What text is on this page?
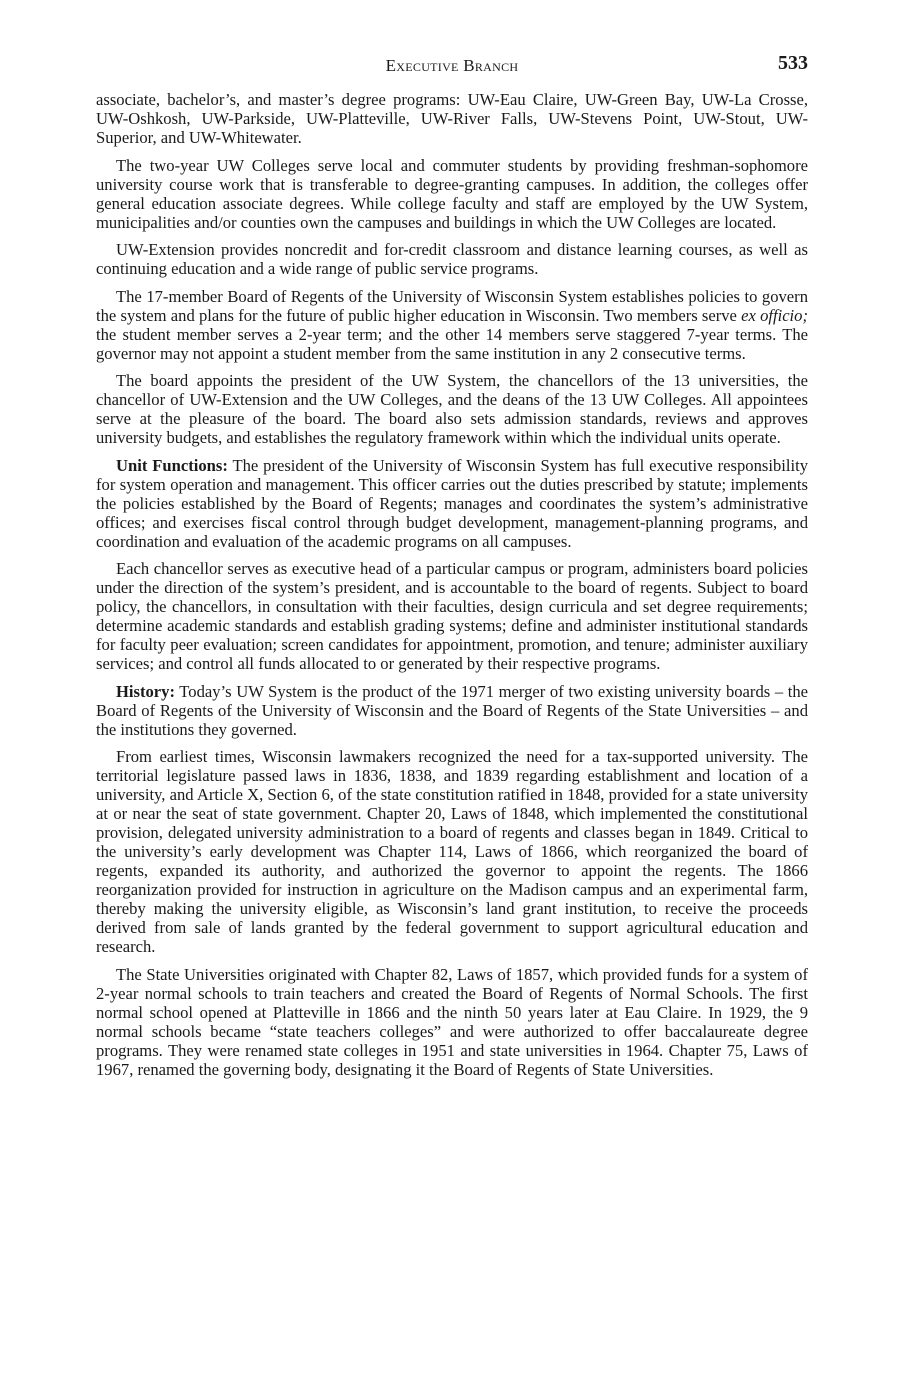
Executive Branch	533

associate, bachelor’s, and master’s degree programs: UW-Eau Claire, UW-Green Bay, UW-La Crosse, UW-Oshkosh, UW-Parkside, UW-Platteville, UW-River Falls, UW-Stevens Point, UW-Stout, UW-Superior, and UW-Whitewater.

The two-year UW Colleges serve local and commuter students by providing freshman-sophomore university course work that is transferable to degree-granting campuses. In addition, the colleges offer general education associate degrees. While college faculty and staff are employed by the UW System, municipalities and/or counties own the campuses and buildings in which the UW Colleges are located.

UW-Extension provides noncredit and for-credit classroom and distance learning courses, as well as continuing education and a wide range of public service programs.

The 17-member Board of Regents of the University of Wisconsin System establishes policies to govern the system and plans for the future of public higher education in Wisconsin. Two members serve ex officio; the student member serves a 2-year term; and the other 14 members serve staggered 7-year terms. The governor may not appoint a student member from the same institution in any 2 consecutive terms.

The board appoints the president of the UW System, the chancellors of the 13 universities, the chancellor of UW-Extension and the UW Colleges, and the deans of the 13 UW Colleges. All appointees serve at the pleasure of the board. The board also sets admission standards, reviews and approves university budgets, and establishes the regulatory framework within which the individual units operate.

Unit Functions: The president of the University of Wisconsin System has full executive responsibility for system operation and management. This officer carries out the duties prescribed by statute; implements the policies established by the Board of Regents; manages and coordinates the system’s administrative offices; and exercises fiscal control through budget development, management-planning programs, and coordination and evaluation of the academic programs on all campuses.

Each chancellor serves as executive head of a particular campus or program, administers board policies under the direction of the system’s president, and is accountable to the board of regents. Subject to board policy, the chancellors, in consultation with their faculties, design curricula and set degree requirements; determine academic standards and establish grading systems; define and administer institutional standards for faculty peer evaluation; screen candidates for appointment, promotion, and tenure; administer auxiliary services; and control all funds allocated to or generated by their respective programs.

History: Today’s UW System is the product of the 1971 merger of two existing university boards – the Board of Regents of the University of Wisconsin and the Board of Regents of the State Universities – and the institutions they governed.

From earliest times, Wisconsin lawmakers recognized the need for a tax-supported university. The territorial legislature passed laws in 1836, 1838, and 1839 regarding establishment and location of a university, and Article X, Section 6, of the state constitution ratified in 1848, provided for a state university at or near the seat of state government. Chapter 20, Laws of 1848, which implemented the constitutional provision, delegated university administration to a board of regents and classes began in 1849. Critical to the university’s early development was Chapter 114, Laws of 1866, which reorganized the board of regents, expanded its authority, and authorized the governor to appoint the regents. The 1866 reorganization provided for instruction in agriculture on the Madison campus and an experimental farm, thereby making the university eligible, as Wisconsin’s land grant institution, to receive the proceeds derived from sale of lands granted by the federal government to support agricultural education and research.

The State Universities originated with Chapter 82, Laws of 1857, which provided funds for a system of 2-year normal schools to train teachers and created the Board of Regents of Normal Schools. The first normal school opened at Platteville in 1866 and the ninth 50 years later at Eau Claire. In 1929, the 9 normal schools became “state teachers colleges” and were authorized to offer baccalaureate degree programs. They were renamed state colleges in 1951 and state universities in 1964. Chapter 75, Laws of 1967, renamed the governing body, designating it the Board of Regents of State Universities.
